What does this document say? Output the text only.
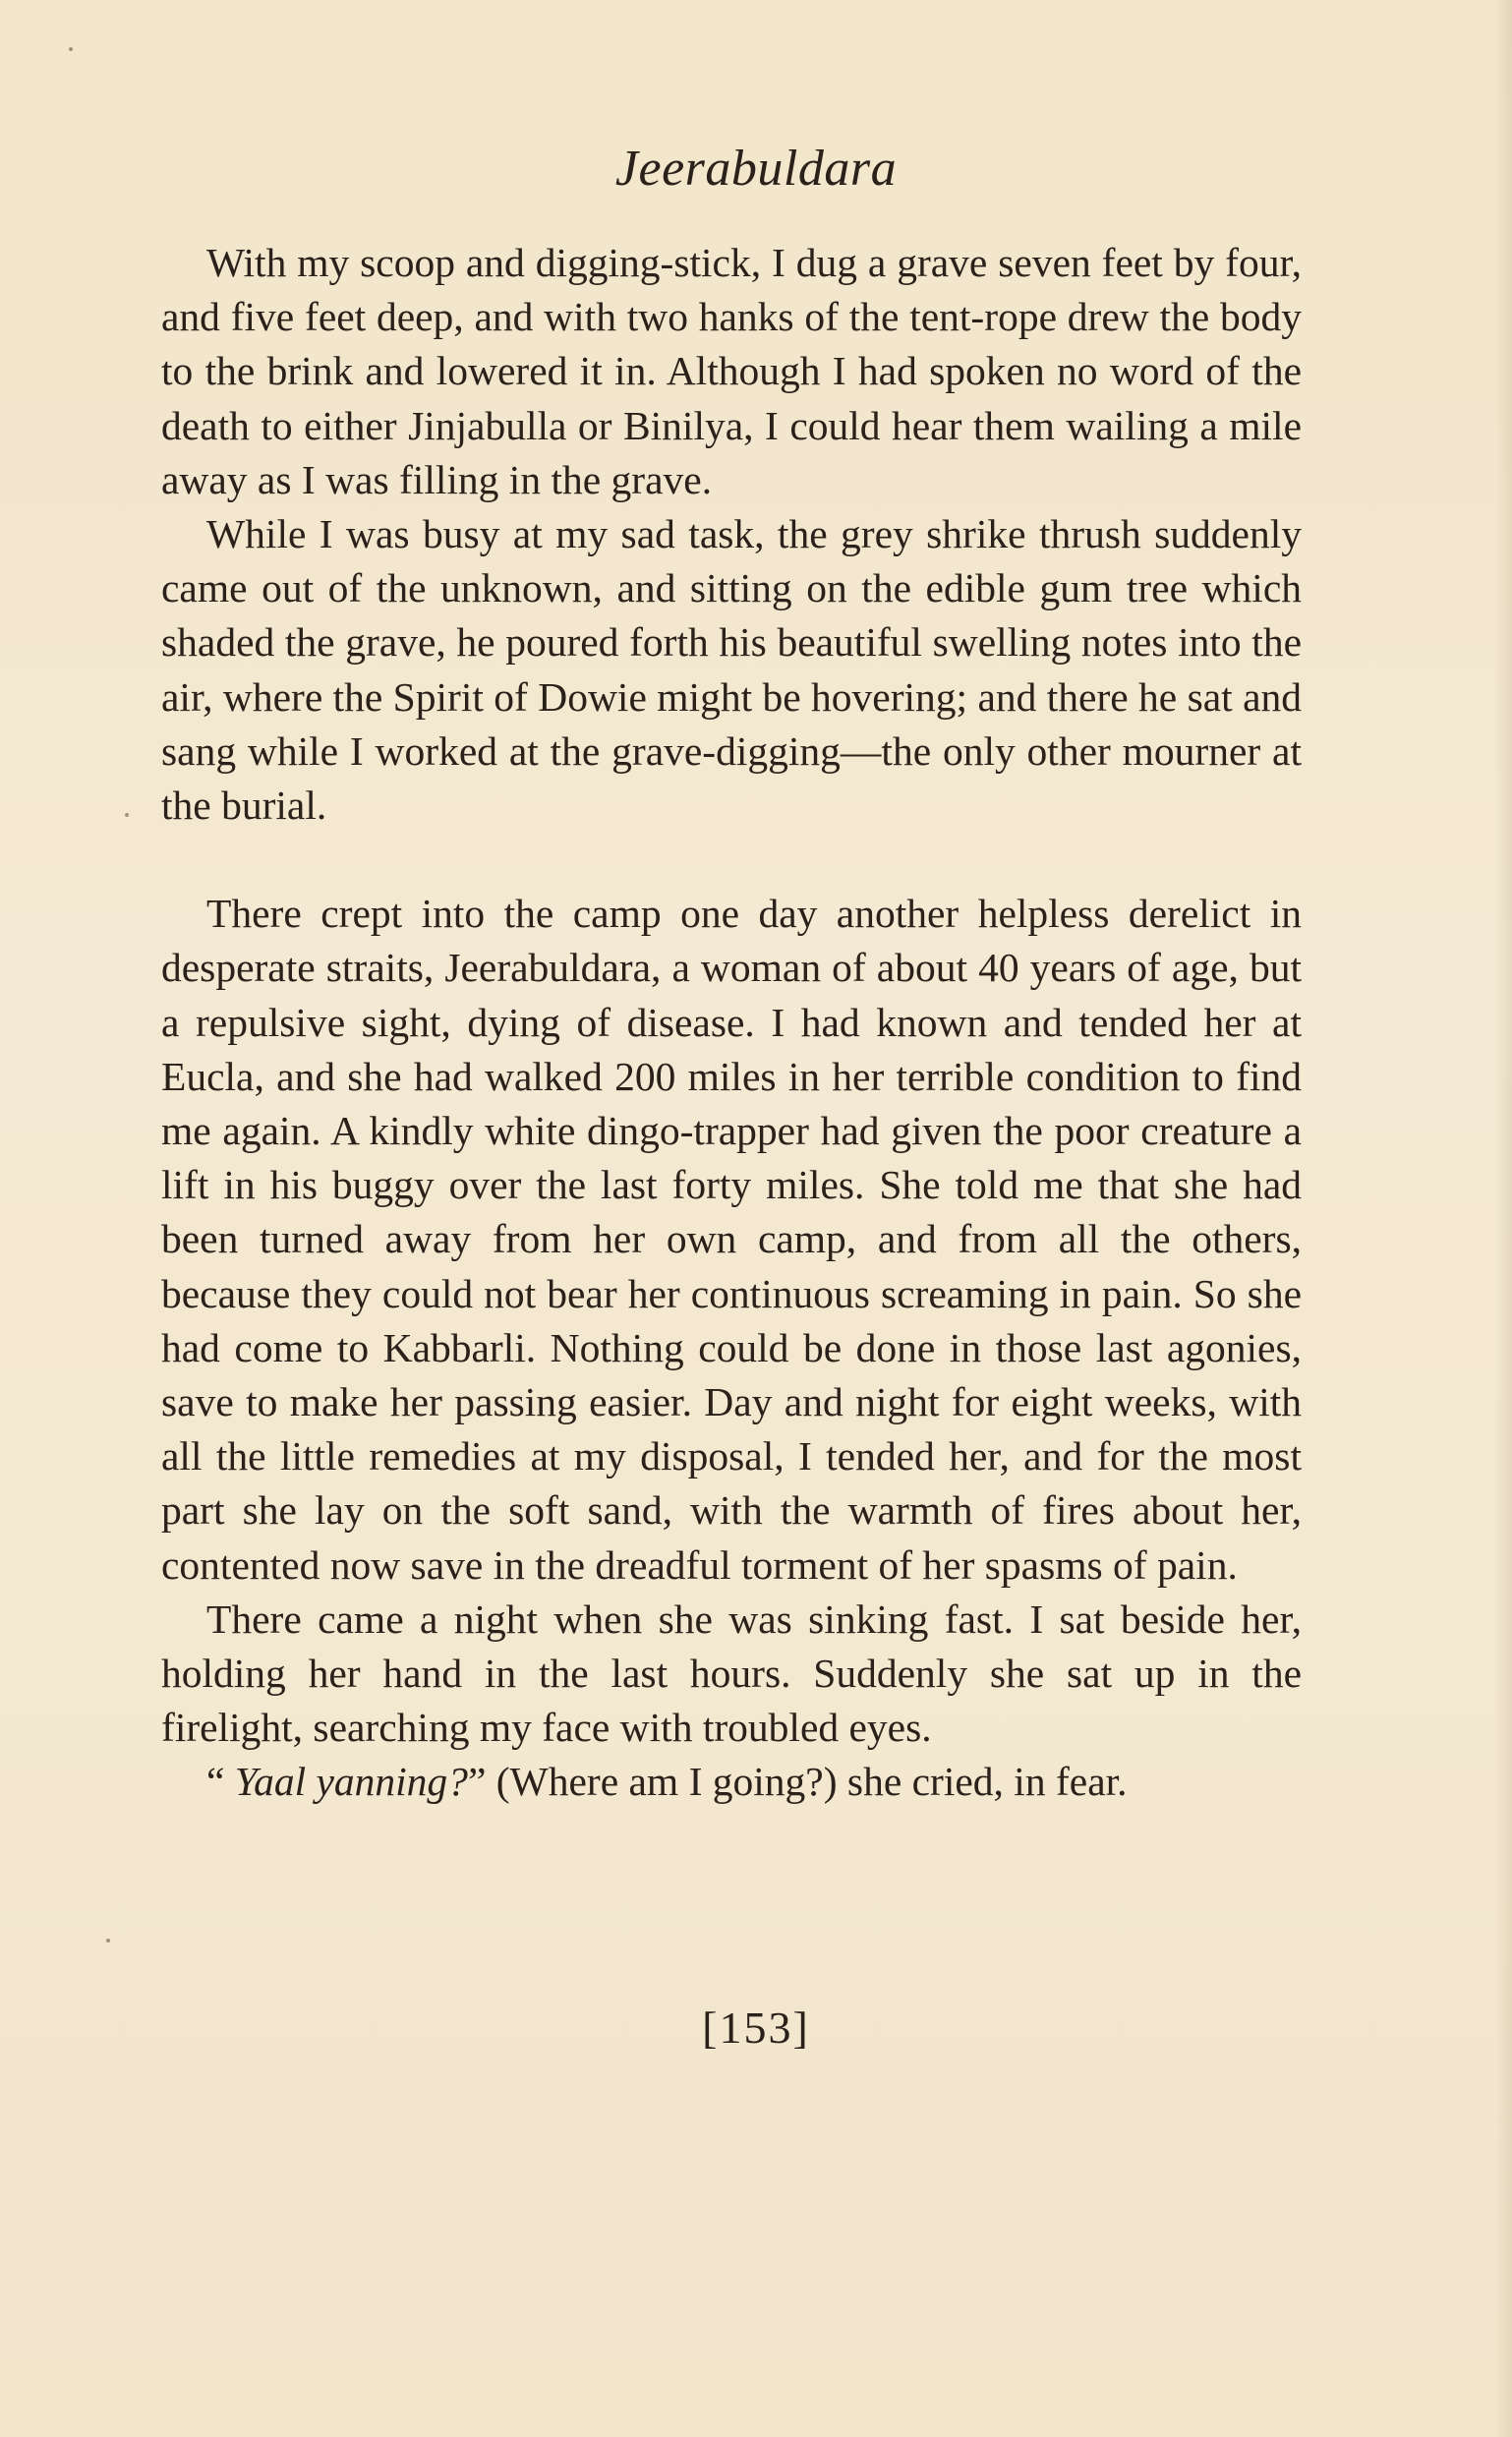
Jeerabuldara

With my scoop and digging-stick, I dug a grave seven feet by four, and five feet deep, and with two hanks of the tent-rope drew the body to the brink and lowered it in. Although I had spoken no word of the death to either Jinjabulla or Binilya, I could hear them wailing a mile away as I was filling in the grave.

While I was busy at my sad task, the grey shrike thrush suddenly came out of the unknown, and sitting on the edible gum tree which shaded the grave, he poured forth his beautiful swelling notes into the air, where the Spirit of Dowie might be hovering; and there he sat and sang while I worked at the grave-digging—the only other mourner at the burial.

There crept into the camp one day another helpless derelict in desperate straits, Jeerabuldara, a woman of about 40 years of age, but a repulsive sight, dying of disease. I had known and tended her at Eucla, and she had walked 200 miles in her terrible condition to find me again. A kindly white dingo-trapper had given the poor creature a lift in his buggy over the last forty miles. She told me that she had been turned away from her own camp, and from all the others, because they could not bear her continuous screaming in pain. So she had come to Kabbarli. Nothing could be done in those last agonies, save to make her passing easier. Day and night for eight weeks, with all the little remedies at my disposal, I tended her, and for the most part she lay on the soft sand, with the warmth of fires about her, contented now save in the dreadful torment of her spasms of pain.

There came a night when she was sinking fast. I sat beside her, holding her hand in the last hours. Suddenly she sat up in the firelight, searching my face with troubled eyes.

“ Yaal yanning?” (Where am I going?) she cried, in fear.

[153]
